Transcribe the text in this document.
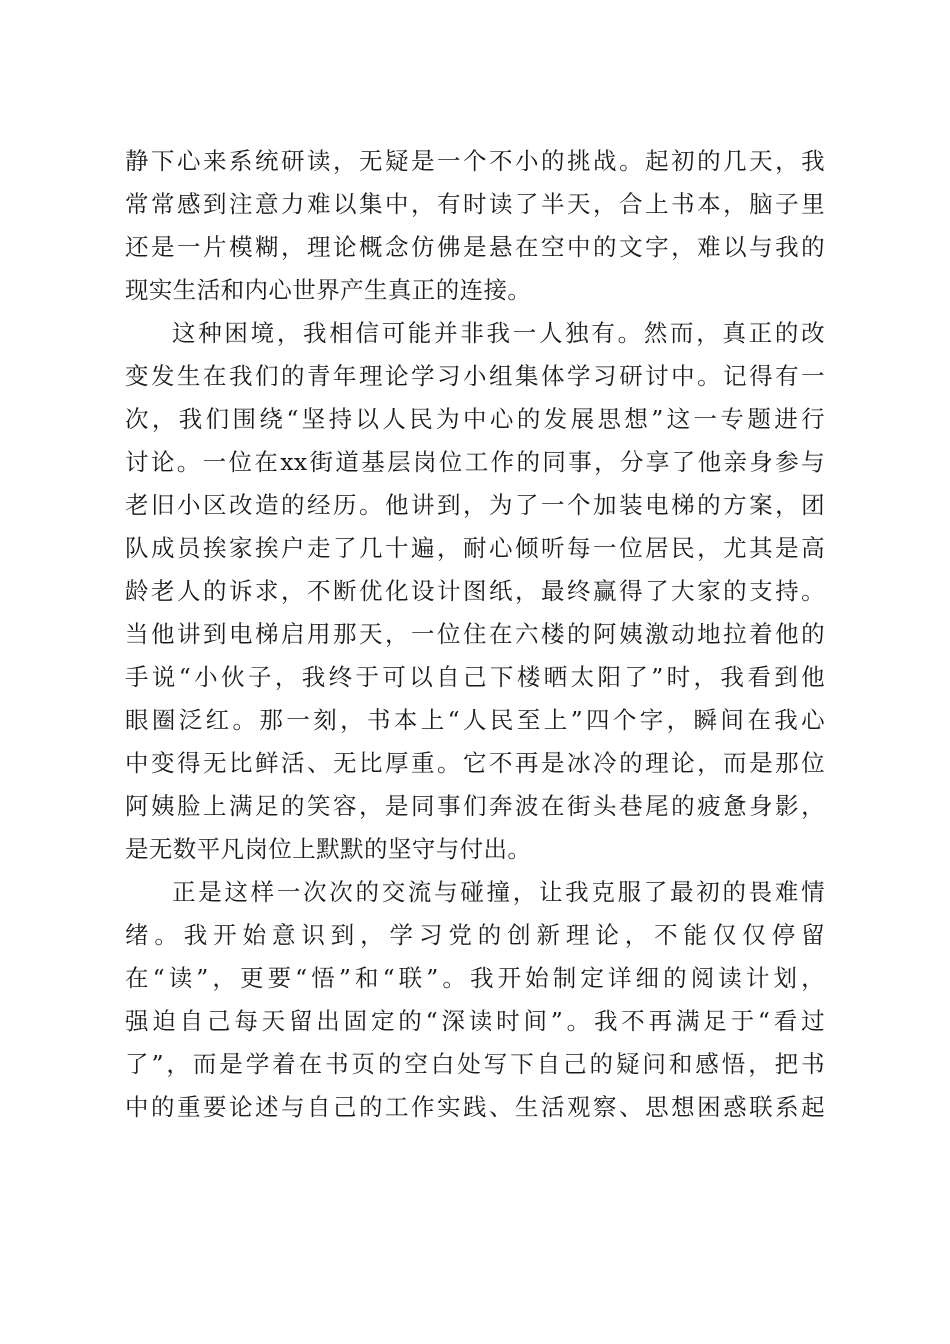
静下心来系统研读，无疑是一个不小的挑战。起初的几天，我
常常感到注意力难以集中，有时读了半天，合上书本，脑子里
还是一片模糊，理论概念仿佛是悬在空中的文字，难以与我的
现实生活和内心世界产生真正的连接。
这种困境，我相信可能并非我一人独有。然而，真正的改
变发生在我们的青年理论学习小组集体学习研讨中。记得有一
次，我们围绕“坚持以人民为中心的发展思想”这一专题进行
讨论。一位在xx街道基层岗位工作的同事，分享了他亲身参与
老旧小区改造的经历。他讲到，为了一个加装电梯的方案，团
队成员挨家挨户走了几十遍，耐心倾听每一位居民，尤其是高
龄老人的诉求，不断优化设计图纸，最终赢得了大家的支持。
当他讲到电梯启用那天，一位住在六楼的阿姨激动地拉着他的
手说“小伙子，我终于可以自己下楼晒太阳了”时，我看到他
眼圈泛红。那一刻，书本上“人民至上”四个字，瞬间在我心
中变得无比鲜活、无比厚重。它不再是冰冷的理论，而是那位
阿姨脸上满足的笑容，是同事们奔波在街头巷尾的疲惫身影，
是无数平凡岗位上默默的坚守与付出。
正是这样一次次的交流与碰撞，让我克服了最初的畏难情
绪。我开始意识到，学习党的创新理论，不能仅仅停留
在“读”，更要“悟”和“联”。我开始制定详细的阅读计划，
强迫自己每天留出固定的“深读时间”。我不再满足于“看过
了”，而是学着在书页的空白处写下自己的疑问和感悟，把书
中的重要论述与自己的工作实践、生活观察、思想困惑联系起
